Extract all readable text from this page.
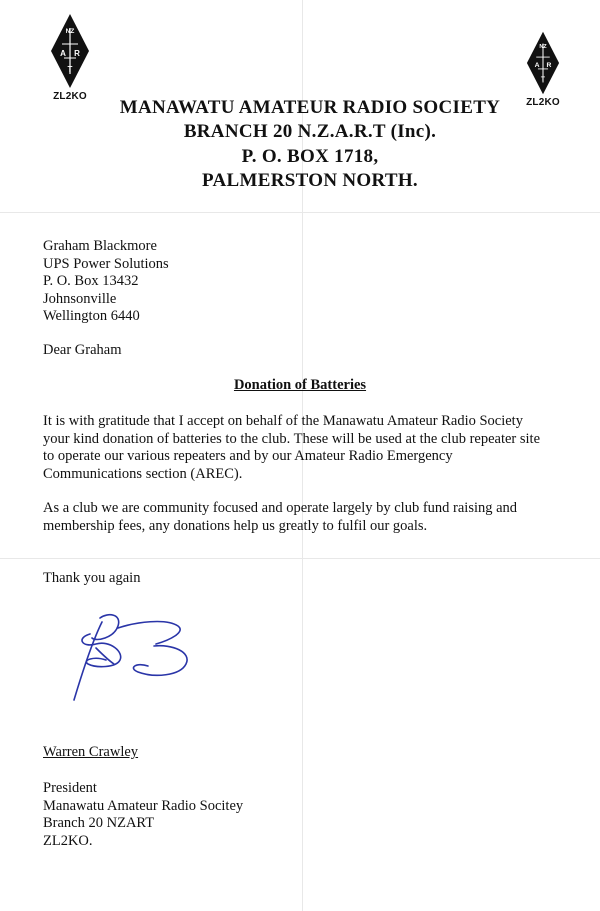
NZ
A R
T
ZL2KO
NZ
A R
T
ZL2KO
MANAWATU AMATEUR RADIO SOCIETY
BRANCH 20 N.Z.A.R.T (Inc).
P. O. BOX 1718,
PALMERSTON NORTH.
Graham Blackmore
UPS Power Solutions
P. O. Box 13432
Johnsonville
Wellington 6440
Dear Graham
Donation of Batteries
It is with gratitude that I accept on behalf of the Manawatu Amateur Radio Society
your kind donation of batteries to the club. These will be used at the club repeater site
to operate our various repeaters and by our Amateur Radio Emergency
Communications section (AREC).
As a club we are community focused and operate largely by club fund raising and
membership fees, any donations help us greatly to fulfil our goals.
Thank you again
Warren Crawley
President
Manawatu Amateur Radio Socitey
Branch 20 NZART
ZL2KO.
